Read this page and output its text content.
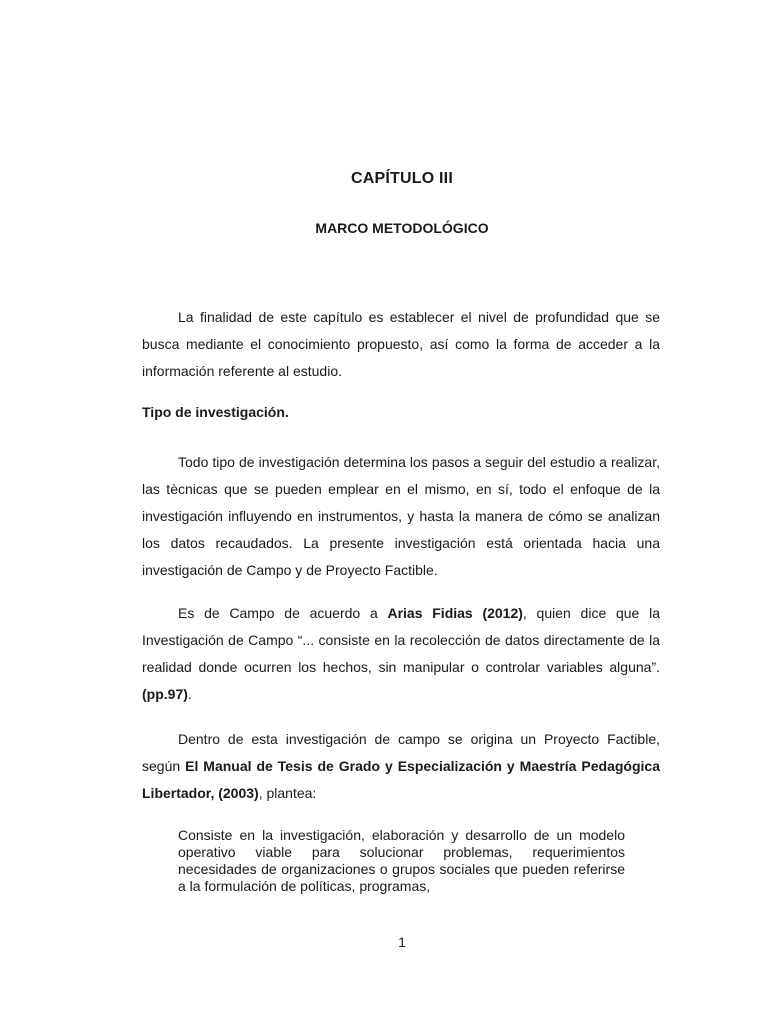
CAPÍTULO III
MARCO METODOLÓGICO
La finalidad de este capítulo es establecer el nivel de profundidad que se busca mediante el conocimiento propuesto, así como la forma de acceder a la información referente al estudio.
Tipo de investigación.
Todo tipo de investigación determina los pasos a seguir del estudio a realizar, las tècnicas que se pueden emplear en el mismo, en sí, todo el enfoque de la investigación influyendo en instrumentos, y hasta la manera de cómo se analizan los datos recaudados. La presente investigación está orientada hacia una investigación de Campo y de Proyecto Factible.
Es de Campo de acuerdo a Arias Fidias (2012), quien dice que la Investigación de Campo “... consiste en la recolección de datos directamente de la realidad donde ocurren los hechos, sin manipular o controlar variables alguna”. (pp.97).
Dentro de esta investigación de campo se origina un Proyecto Factible, según El Manual de Tesis de Grado y Especialización y Maestría Pedagógica Libertador, (2003), plantea:
Consiste en la investigación, elaboración y desarrollo de un modelo operativo viable para solucionar problemas, requerimientos necesidades de organizaciones o grupos sociales que pueden referirse a la formulación de políticas, programas,
1
